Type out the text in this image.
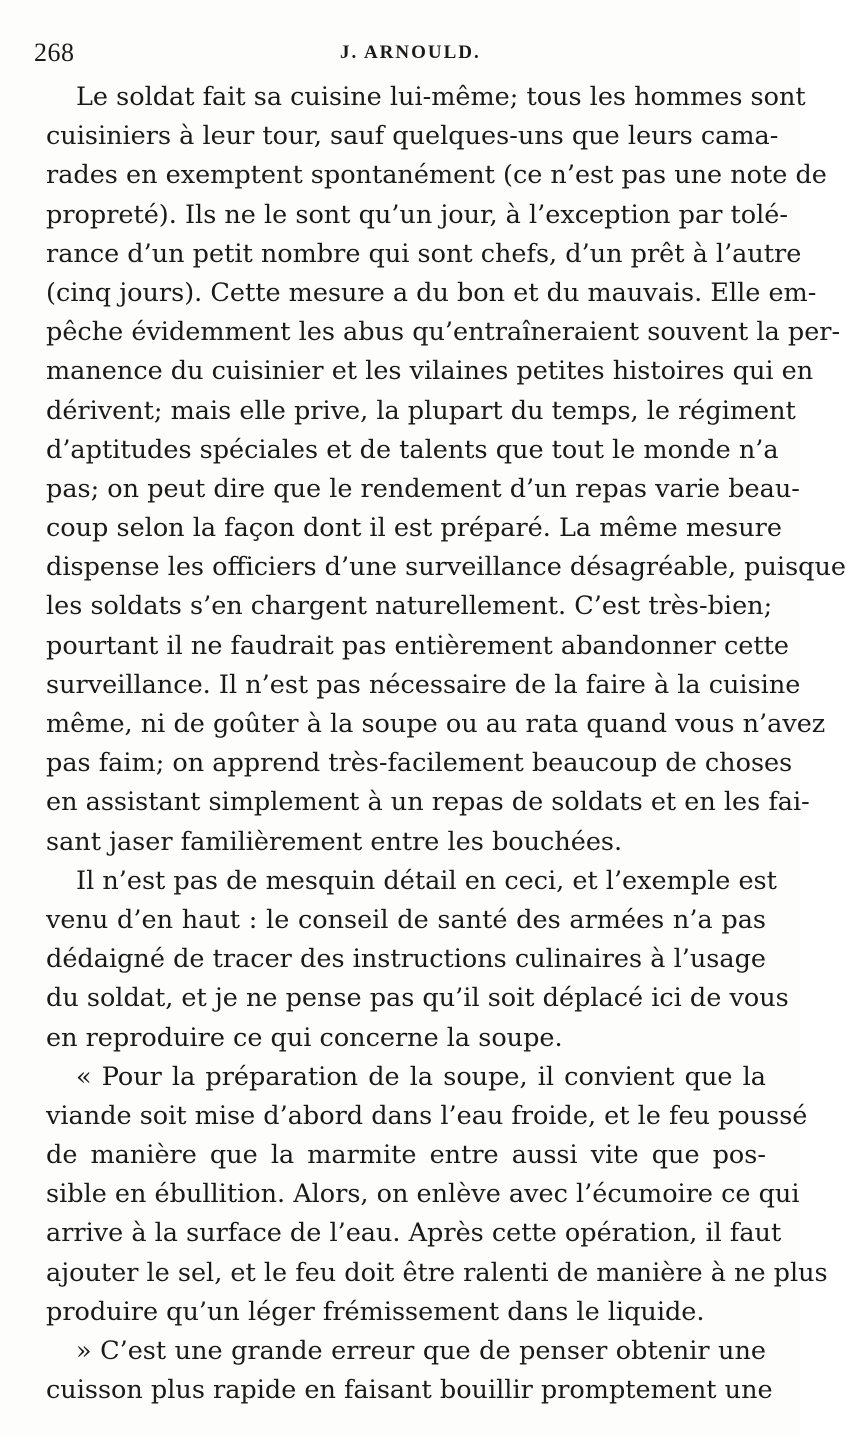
268	J. ARNOULD.
Le soldat fait sa cuisine lui-même; tous les hommes sont
cuisiniers à leur tour, sauf quelques-uns que leurs cama-
rades en exemptent spontanément (ce n’est pas une note de
propreté). Ils ne le sont qu’un jour, à l’exception par tolé-
rance d’un petit nombre qui sont chefs, d’un prêt à l’autre
(cinq jours). Cette mesure a du bon et du mauvais. Elle em-
pêche évidemment les abus qu’entraîneraient souvent la per-
manence du cuisinier et les vilaines petites histoires qui en
dérivent; mais elle prive, la plupart du temps, le régiment
d’aptitudes spéciales et de talents que tout le monde n’a
pas; on peut dire que le rendement d’un repas varie beau-
coup selon la façon dont il est préparé. La même mesure
dispense les officiers d’une surveillance désagréable, puisque
les soldats s’en chargent naturellement. C’est très-bien;
pourtant il ne faudrait pas entièrement abandonner cette
surveillance. Il n’est pas nécessaire de la faire à la cuisine
même, ni de goûter à la soupe ou au rata quand vous n’avez
pas faim; on apprend très-facilement beaucoup de choses
en assistant simplement à un repas de soldats et en les fai-
sant jaser familièrement entre les bouchées.
Il n’est pas de mesquin détail en ceci, et l’exemple est
venu d’en haut : le conseil de santé des armées n’a pas
dédaigné de tracer des instructions culinaires à l’usage
du soldat, et je ne pense pas qu’il soit déplacé ici de vous
en reproduire ce qui concerne la soupe.
« Pour la préparation de la soupe, il convient que la
viande soit mise d’abord dans l’eau froide, et le feu poussé
de manière que la marmite entre aussi vite que pos-
sible en ébullition. Alors, on enlève avec l’écumoire ce qui
arrive à la surface de l’eau. Après cette opération, il faut
ajouter le sel, et le feu doit être ralenti de manière à ne plus
produire qu’un léger frémissement dans le liquide.
» C’est une grande erreur que de penser obtenir une
cuisson plus rapide en faisant bouillir promptement une
